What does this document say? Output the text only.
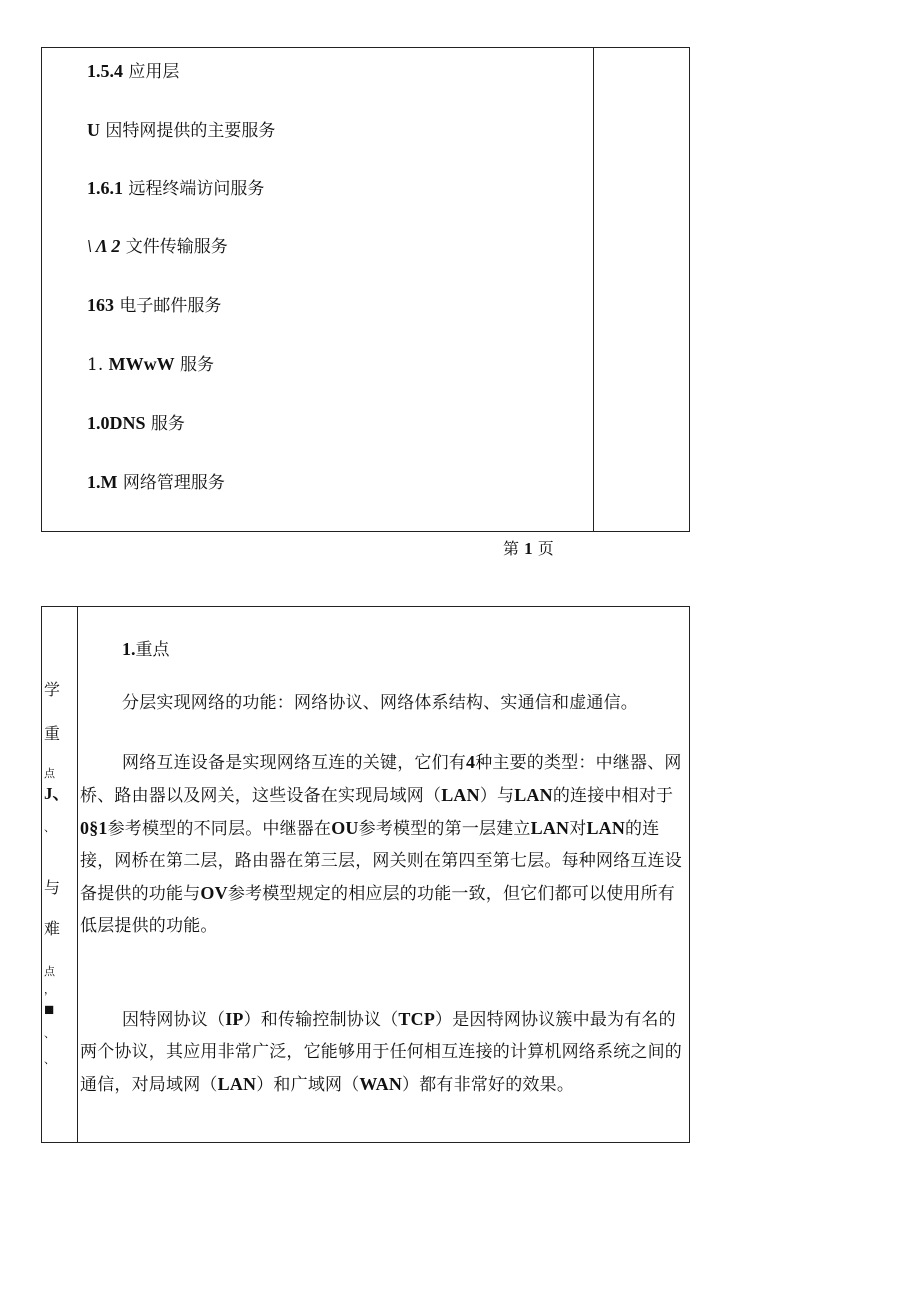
1.5.4 应用层
U 因特网提供的主要服务
1.6.1 远程终端访问服务
\ Λ 2 文件传输服务
163 电子邮件服务
1. MWwW 服务
1.0DNS 服务
1.M 网络管理服务
第 1 页
学
重
点
J、
、
与
难
点
，
■
、
、
1.重点
分层实现网络的功能：网络协议、网络体系结构、实通信和虚通信。
网络互连设备是实现网络互连的关键，它们有4种主要的类型：中继器、网桥、路由器以及网关，这些设备在实现局域网（LAN）与LAN的连接中相对于0§1参考模型的不同层。中继器在OU参考模型的第一层建立LAN对LAN的连接，网桥在第二层，路由器在第三层，网关则在第四至第七层。每种网络互连设备提供的功能与OV参考模型规定的相应层的功能一致，但它们都可以使用所有低层提供的功能。
因特网协议（IP）和传输控制协议（TCP）是因特网协议簇中最为有名的两个协议，其应用非常广泛，它能够用于任何相互连接的计算机网络系统之间的通信，对局域网（LAN）和广域网（WAN）都有非常好的效果。
